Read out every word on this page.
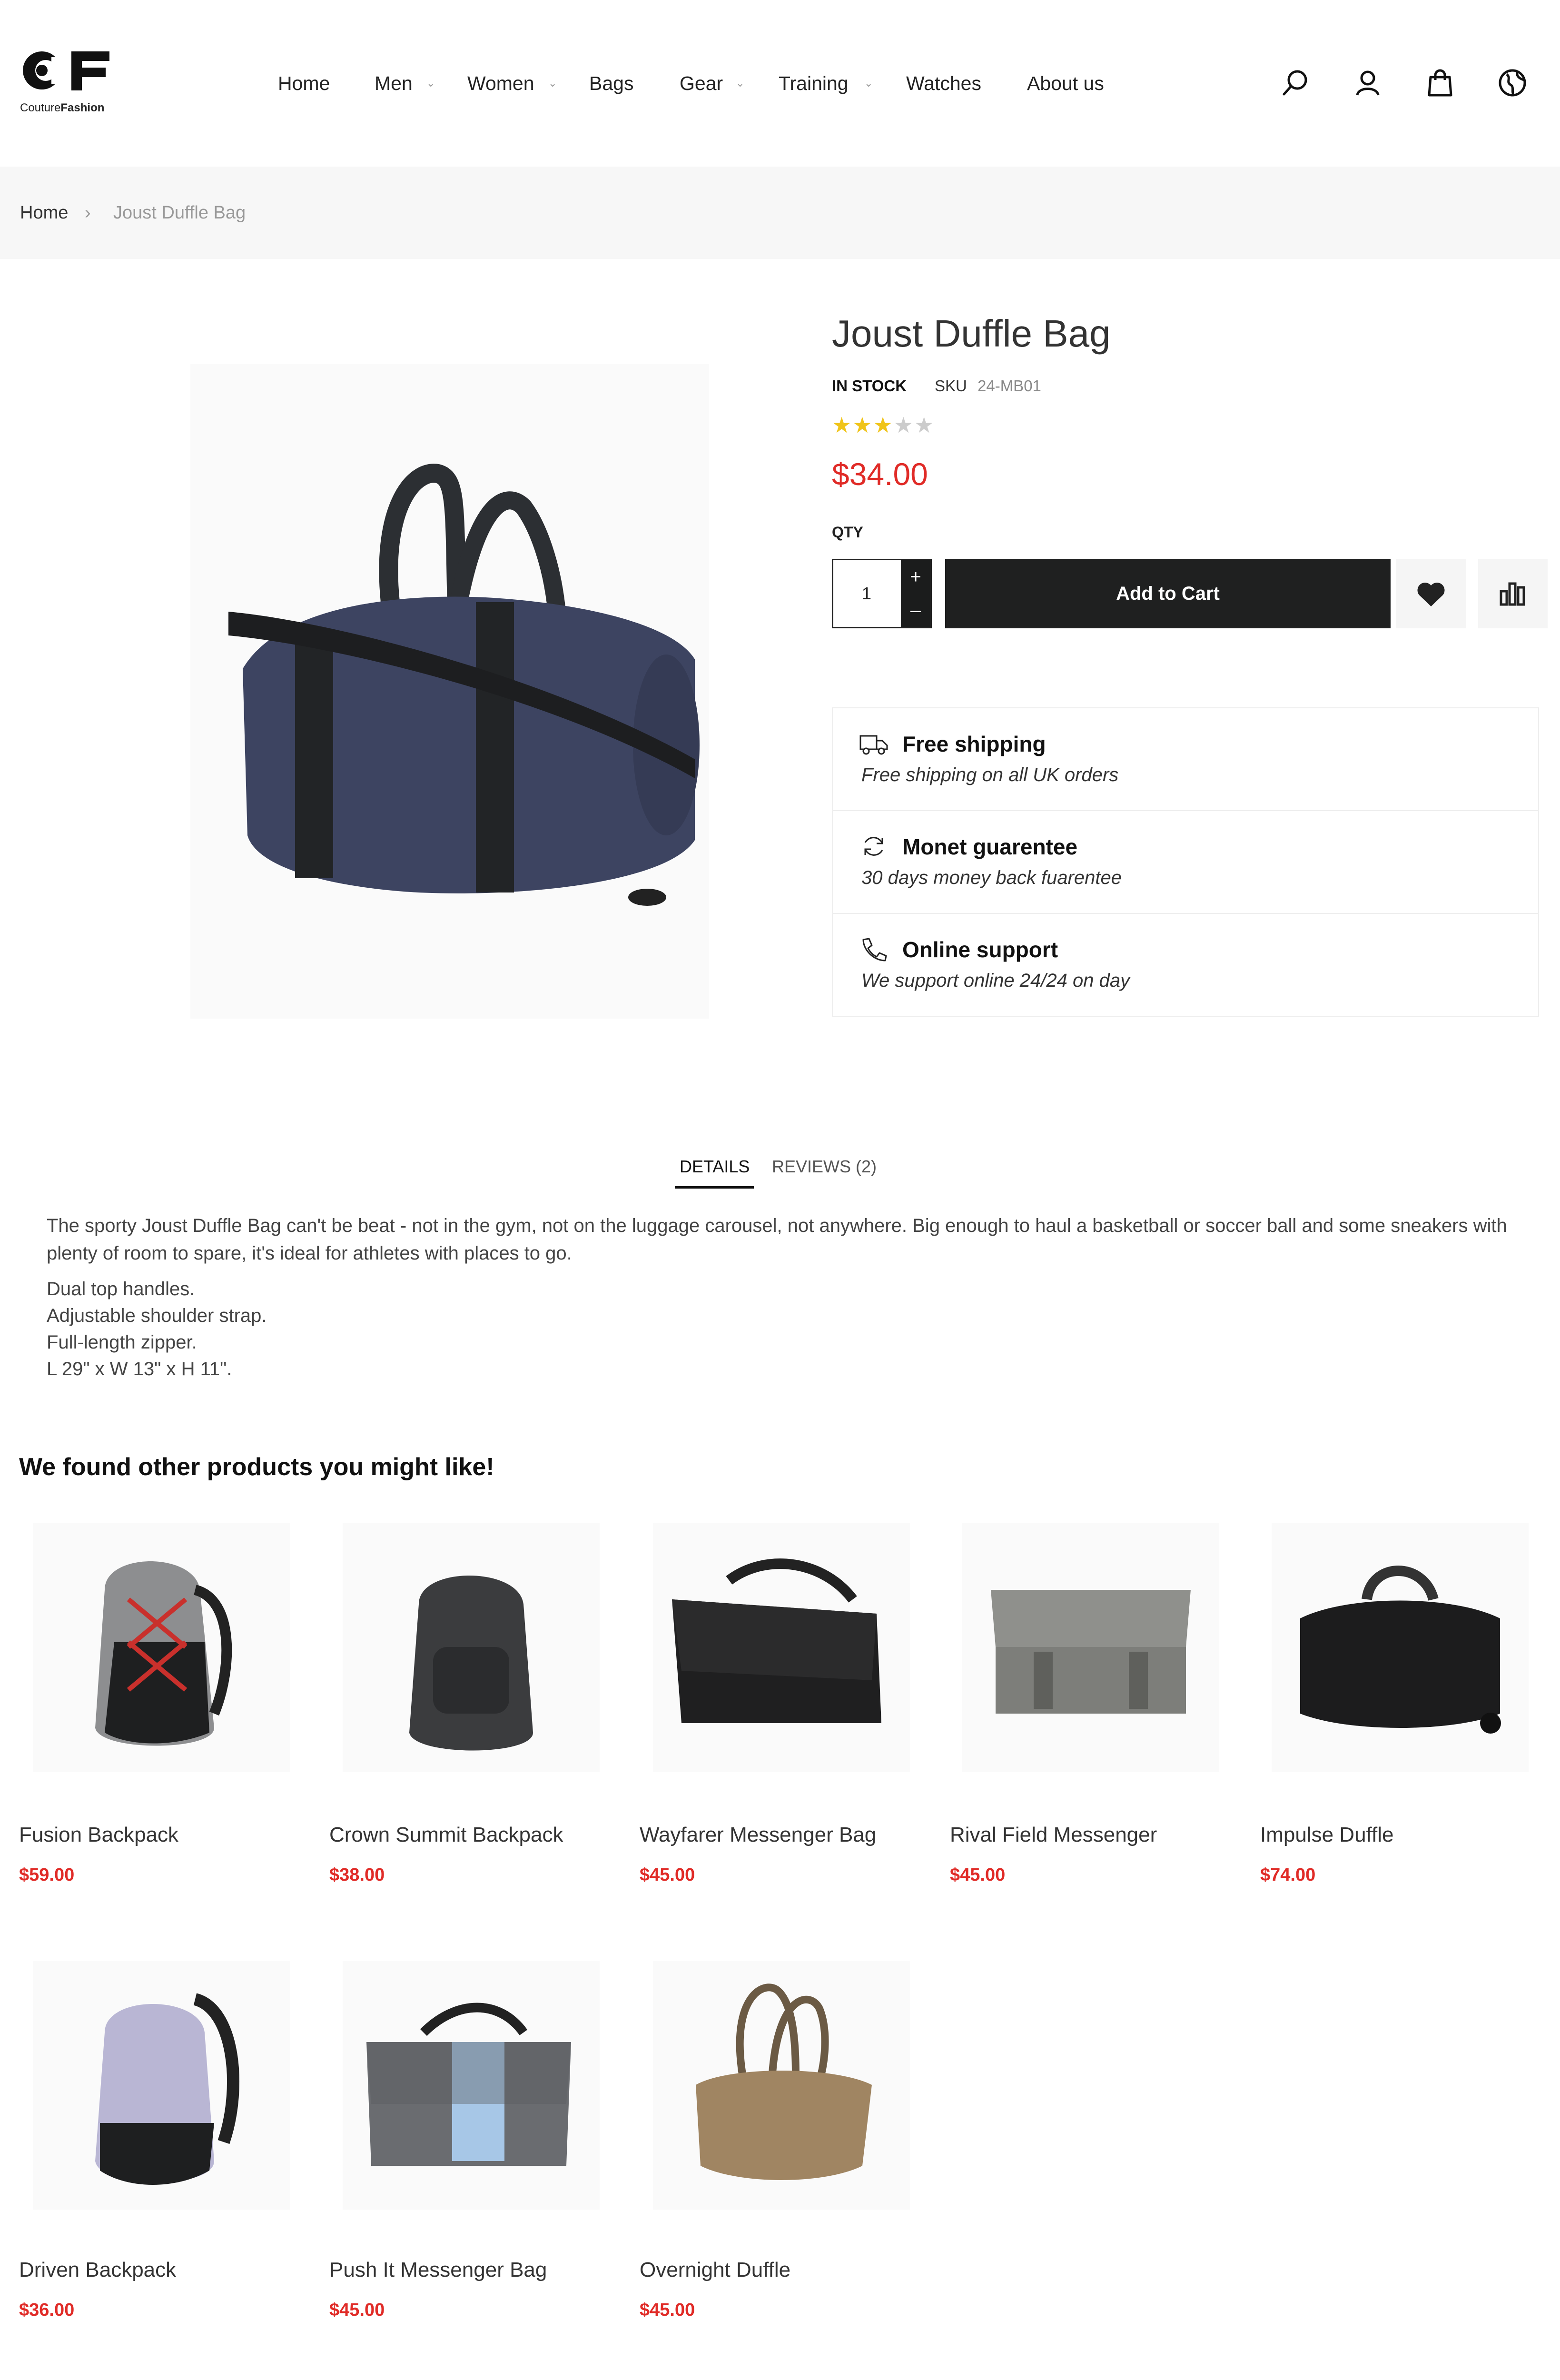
CoutureFashion
Home Men ⌄ Women ⌄ Bags Gear ⌄ Training ⌄ Watches About us
Home › Joust Duffle Bag
Joust Duffle Bag
IN STOCK SKU 24-MB01
★★★★★
$34.00
QTY
1
+
–
Add to Cart
Free shipping
Free shipping on all UK orders
Monet guarentee
30 days money back fuarentee
Online support
We support online 24/24 on day
DETAILS REVIEWS (2)
The sporty Joust Duffle Bag can't be beat - not in the gym, not on the luggage carousel, not anywhere. Big enough to haul a basketball or soccer ball and some sneakers with plenty of room to spare, it's ideal for athletes with places to go.
Dual top handles.
Adjustable shoulder strap.
Full-length zipper.
L 29" x W 13" x H 11".
We found other products you might like!
Fusion Backpack
$59.00
Crown Summit Backpack
$38.00
Wayfarer Messenger Bag
$45.00
Rival Field Messenger
$45.00
Impulse Duffle
$74.00
Driven Backpack
$36.00
Push It Messenger Bag
$45.00
Overnight Duffle
$45.00
